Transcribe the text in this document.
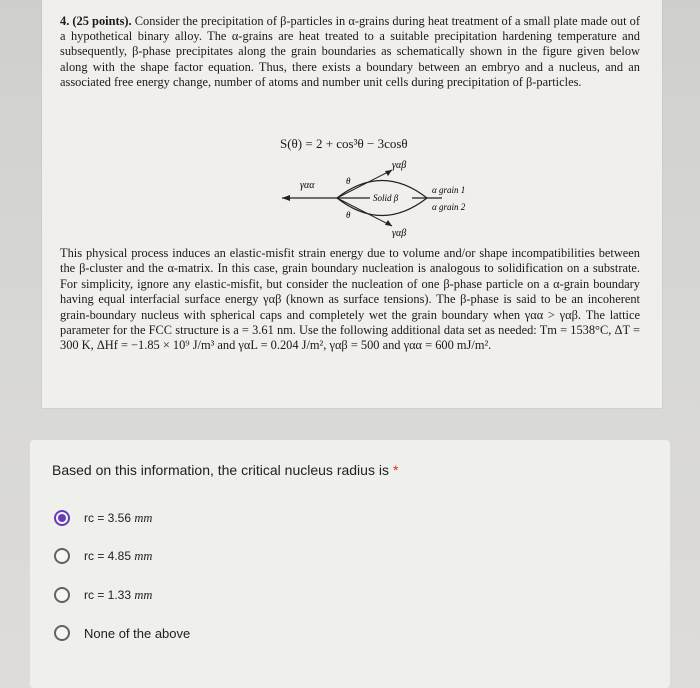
4. (25 points). Consider the precipitation of β-particles in α-grains during heat treatment of a small plate made out of a hypothetical binary alloy. The α-grains are heat treated to a suitable precipitation hardening temperature and subsequently, β-phase precipitates along the grain boundaries as schematically shown in the figure given below along with the shape factor equation. Thus, there exists a boundary between an embryo and a nucleus, and an associated free energy change, number of atoms and number unit cells during precipitation of β-particles.
S(θ) = 2 + cos³θ − 3cosθ
γαα
γαβ
γαβ
θ
θ
Solid β
α grain 1
α grain 2
This physical process induces an elastic-misfit strain energy due to volume and/or shape incompatibilities between the β-cluster and the α-matrix. In this case, grain boundary nucleation is analogous to solidification on a substrate. For simplicity, ignore any elastic-misfit, but consider the nucleation of one β-phase particle on a α-grain boundary having equal interfacial surface energy γαβ (known as surface tensions). The β-phase is said to be an incoherent grain-boundary nucleus with spherical caps and completely wet the grain boundary when γαα > γαβ. The lattice parameter for the FCC structure is a = 3.61 nm. Use the following additional data set as needed: Tm = 1538°C, ΔT = 300 K, ΔHf = −1.85 × 10⁹ J/m³ and γαL = 0.204 J/m², γαβ = 500 and γαα = 600 mJ/m².
Based on this information, the critical nucleus radius is *
rc = 3.56 mm
rc = 4.85 mm
rc = 1.33 mm
None of the above
